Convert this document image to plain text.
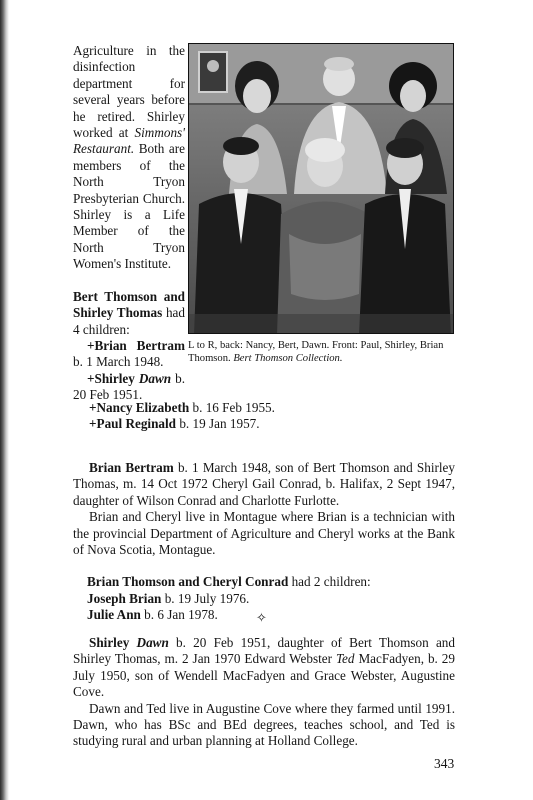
Agriculture in the disinfection department for several years before he retired. Shirley worked at Simmons' Restaurant. Both are members of the North Tryon Presbyterian Church. Shirley is a Life Member of the North Tryon Women's Institute.

Bert Thomson and Shirley Thomas had 4 children:

+Brian Bertram b. 1 March 1948.

+Shirley Dawn b. 20 Feb 1951.

L to R, back: Nancy, Bert, Dawn. Front: Paul, Shirley, Brian Thomson. Bert Thomson Collection.
+Nancy Elizabeth b. 16 Feb 1955.
+Paul Reginald b. 19 Jan 1957.

Brian Bertram b. 1 March 1948, son of Bert Thomson and Shirley Thomas, m. 14 Oct 1972 Cheryl Gail Conrad, b. Halifax, 2 Sept 1947, daughter of Wilson Conrad and Charlotte Furlotte.

Brian and Cheryl live in Montague where Brian is a technician with the provincial Department of Agriculture and Cheryl works at the Bank of Nova Scotia, Montague.

Brian Thomson and Cheryl Conrad had 2 children:

Joseph Brian b. 19 July 1976.

Julie Ann b. 6 Jan 1978.	✧

Shirley Dawn b. 20 Feb 1951, daughter of Bert Thomson and Shirley Thomas, m. 2 Jan 1970 Edward Webster Ted MacFadyen, b. 29 July 1950, son of Wendell MacFadyen and Grace Webster, Augustine Cove.

Dawn and Ted live in Augustine Cove where they farmed until 1991. Dawn, who has BSc and BEd degrees, teaches school, and Ted is studying rural and urban planning at Holland College.

343
